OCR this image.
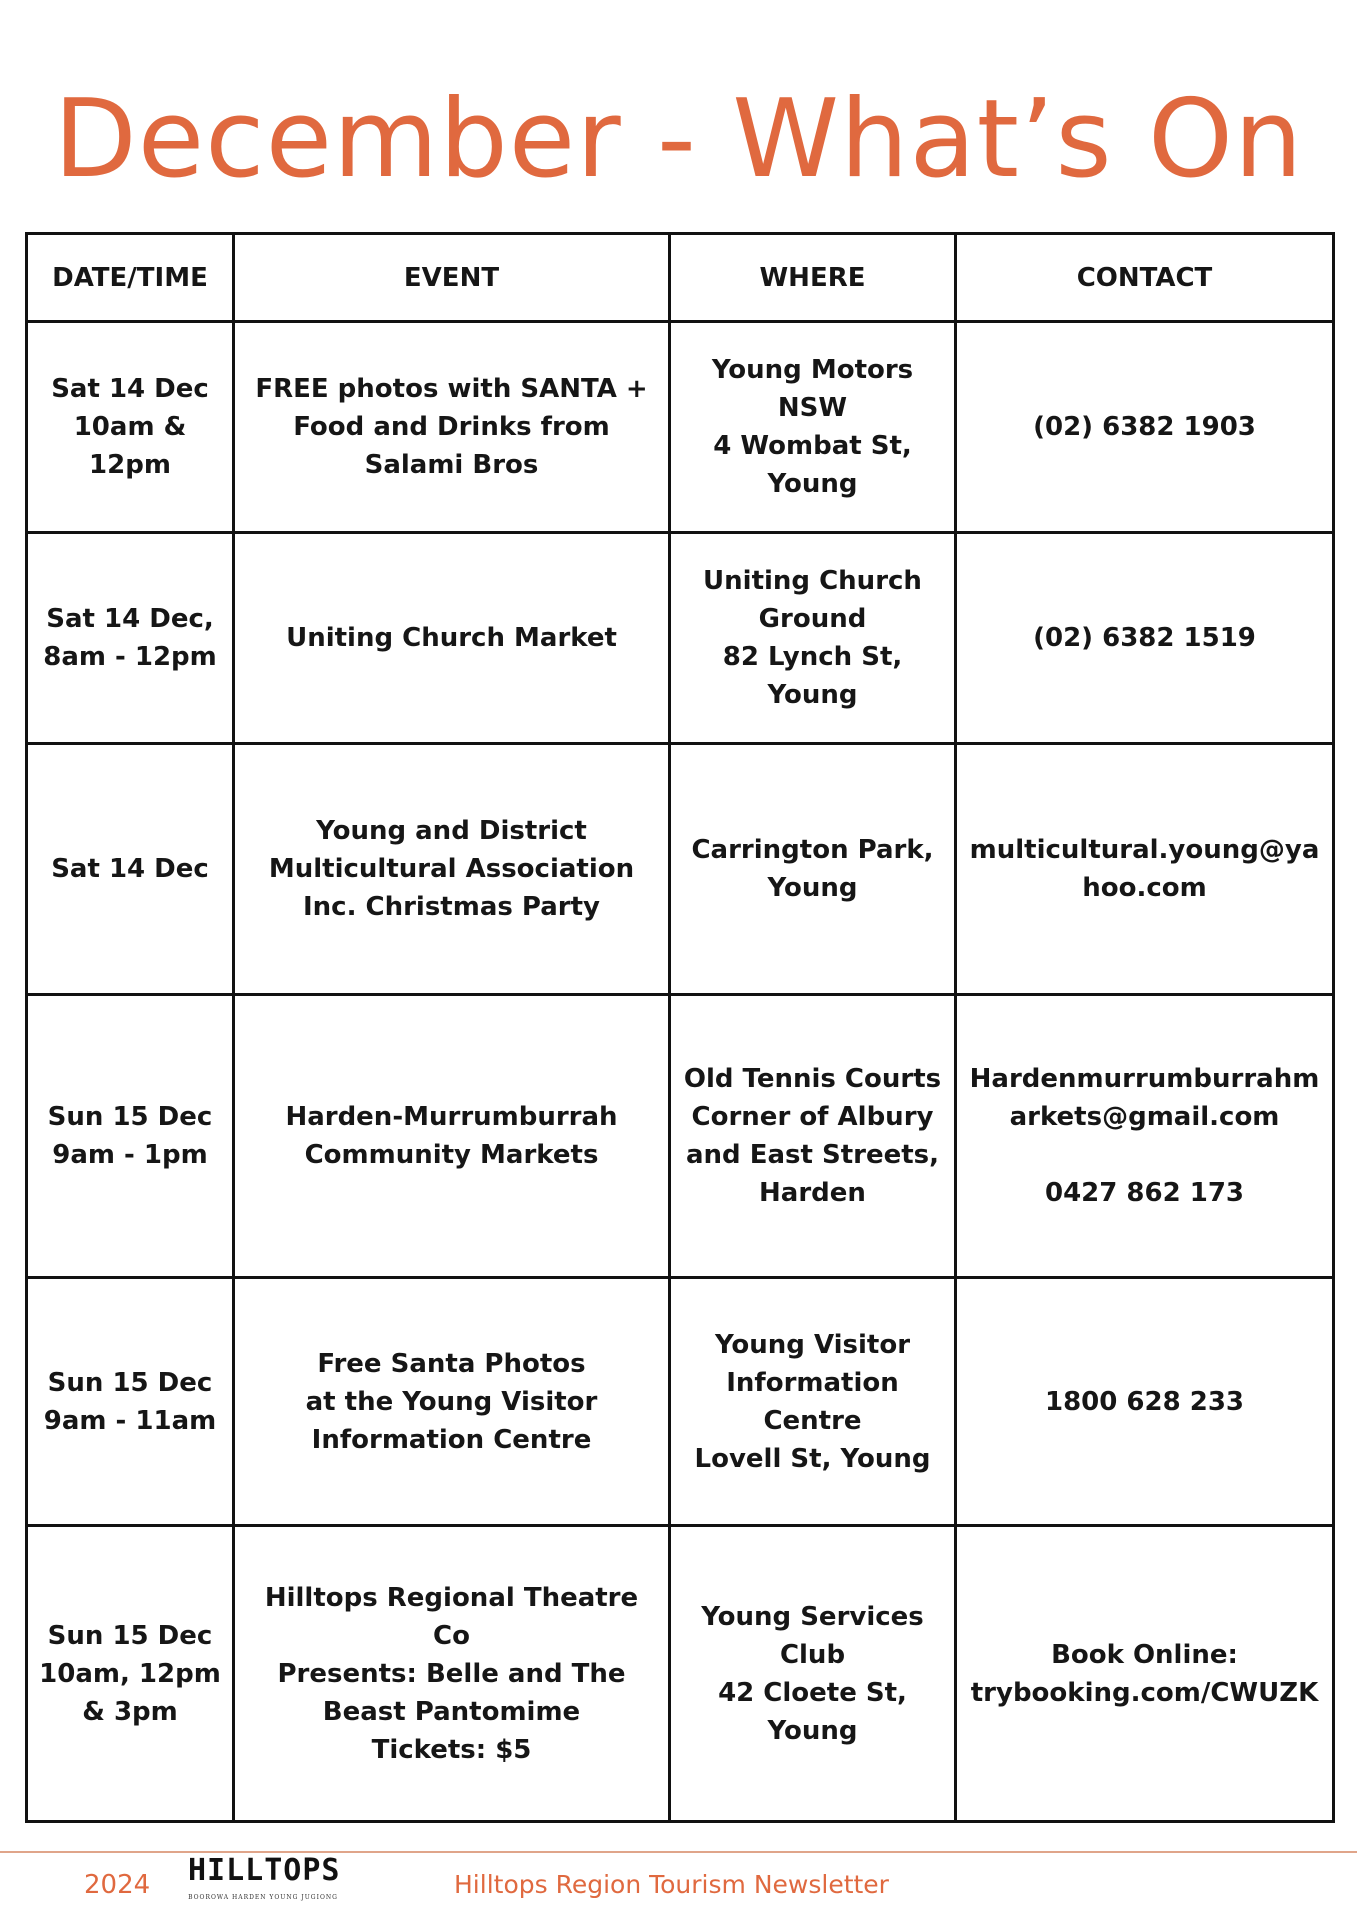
December - What’s On
DATE/TIME	EVENT	WHERE	CONTACT
Sat 14 Dec
10am &
12pm	FREE photos with SANTA +
Food and Drinks from
Salami Bros	Young Motors
NSW
4 Wombat St,
Young	(02) 6382 1903
Sat 14 Dec,
8am - 12pm	Uniting Church Market	Uniting Church
Ground
82 Lynch St,
Young	(02) 6382 1519
Sat 14 Dec	Young and District
Multicultural Association
Inc. Christmas Party	Carrington Park,
Young	multicultural.young@ya
hoo.com
Sun 15 Dec
9am - 1pm	Harden-Murrumburrah
Community Markets	Old Tennis Courts
Corner of Albury
and East Streets,
Harden	Hardenmurrumburrahm
arkets@gmail.com

0427 862 173
Sun 15 Dec
9am - 11am	Free Santa Photos
at the Young Visitor
Information Centre	Young Visitor
Information
Centre
Lovell St, Young	1800 628 233
Sun 15 Dec
10am, 12pm
& 3pm	Hilltops Regional Theatre Co
Presents: Belle and The
Beast Pantomime
Tickets: $5	Young Services
Club
42 Cloete St,
Young	Book Online:
trybooking.com/CWUZK
2024 HILLTOPS
BOOROWA HARDEN YOUNG JUGIONG	Hilltops Region Tourism Newsletter
